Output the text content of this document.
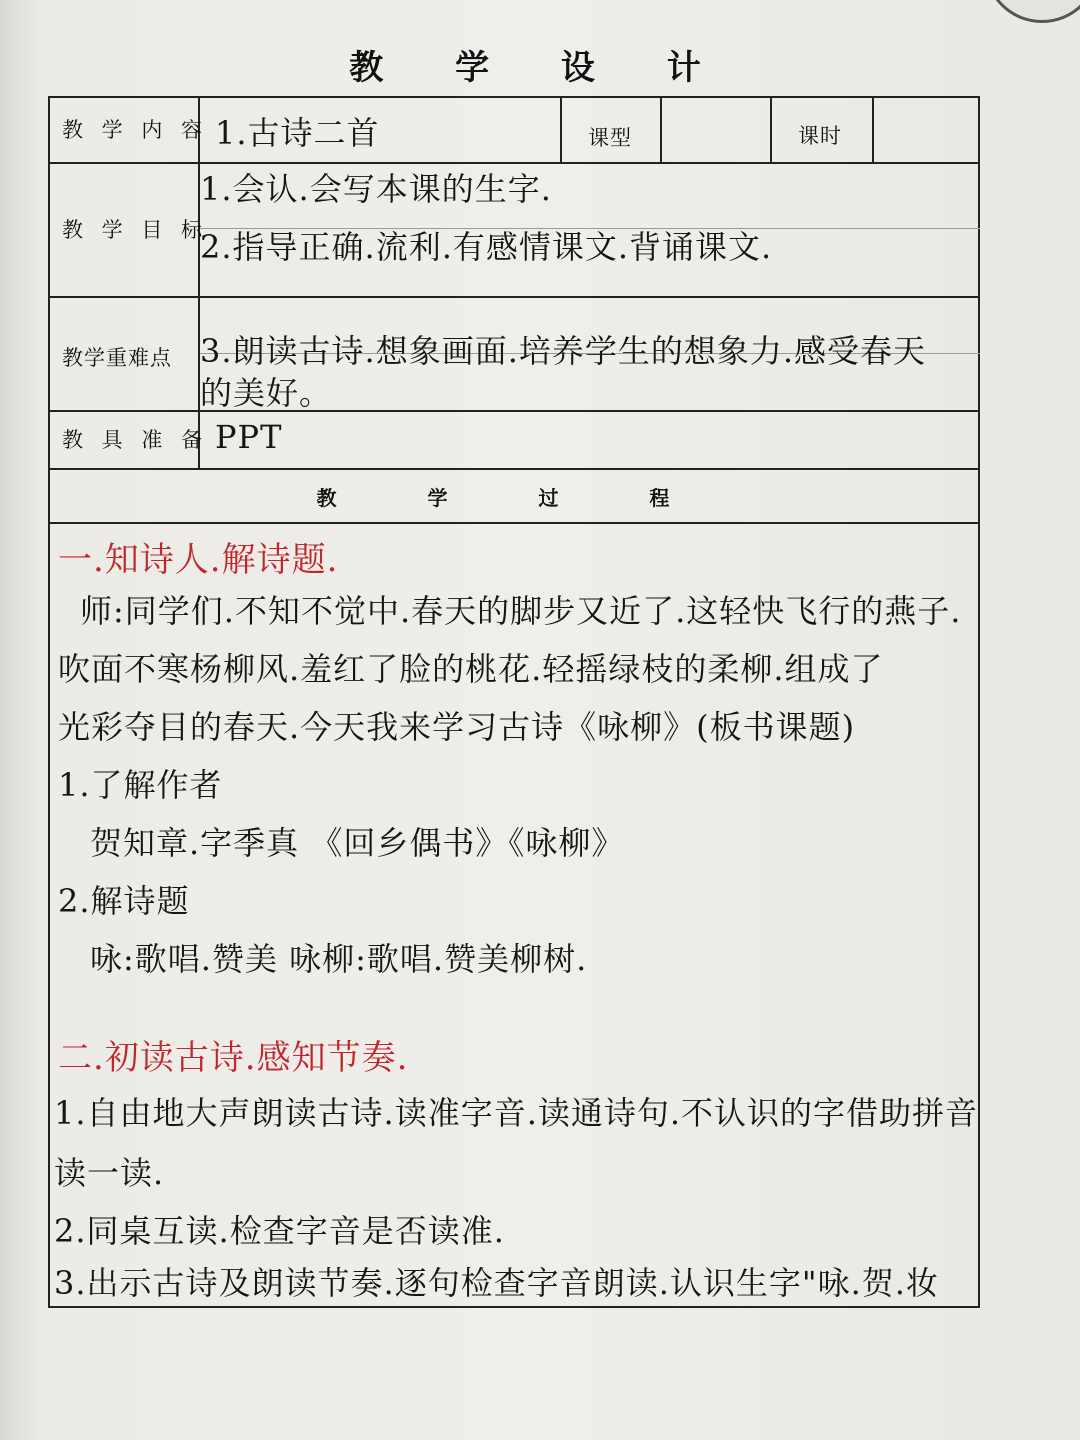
教 学 设 计
教 学 内 容 1.古诗二首	课型	课时
教 学 目 标
1.会认.会写本课的生字.
2.指导正确.流利.有感情课文.背诵课文.
教学重难点 3.朗读古诗.想象画面.培养学生的想象力.感受春天
的美好。
教 具 准 备 PPT
教 学 过 程
一.知诗人.解诗题.
师:同学们.不知不觉中.春天的脚步又近了.这轻快飞行的燕子.
吹面不寒杨柳风.羞红了脸的桃花.轻摇绿枝的柔柳.组成了
光彩夺目的春天.今天我来学习古诗《咏柳》(板书课题)
1.了解作者
贺知章.字季真 《回乡偶书》《咏柳》
2.解诗题
咏:歌唱.赞美 咏柳:歌唱.赞美柳树.
二.初读古诗.感知节奏.
1.自由地大声朗读古诗.读准字音.读通诗句.不认识的字借助拼音
读一读.
2.同桌互读.检查字音是否读准.
3.出示古诗及朗读节奏.逐句检查字音朗读.认识生字"咏.贺.妆
